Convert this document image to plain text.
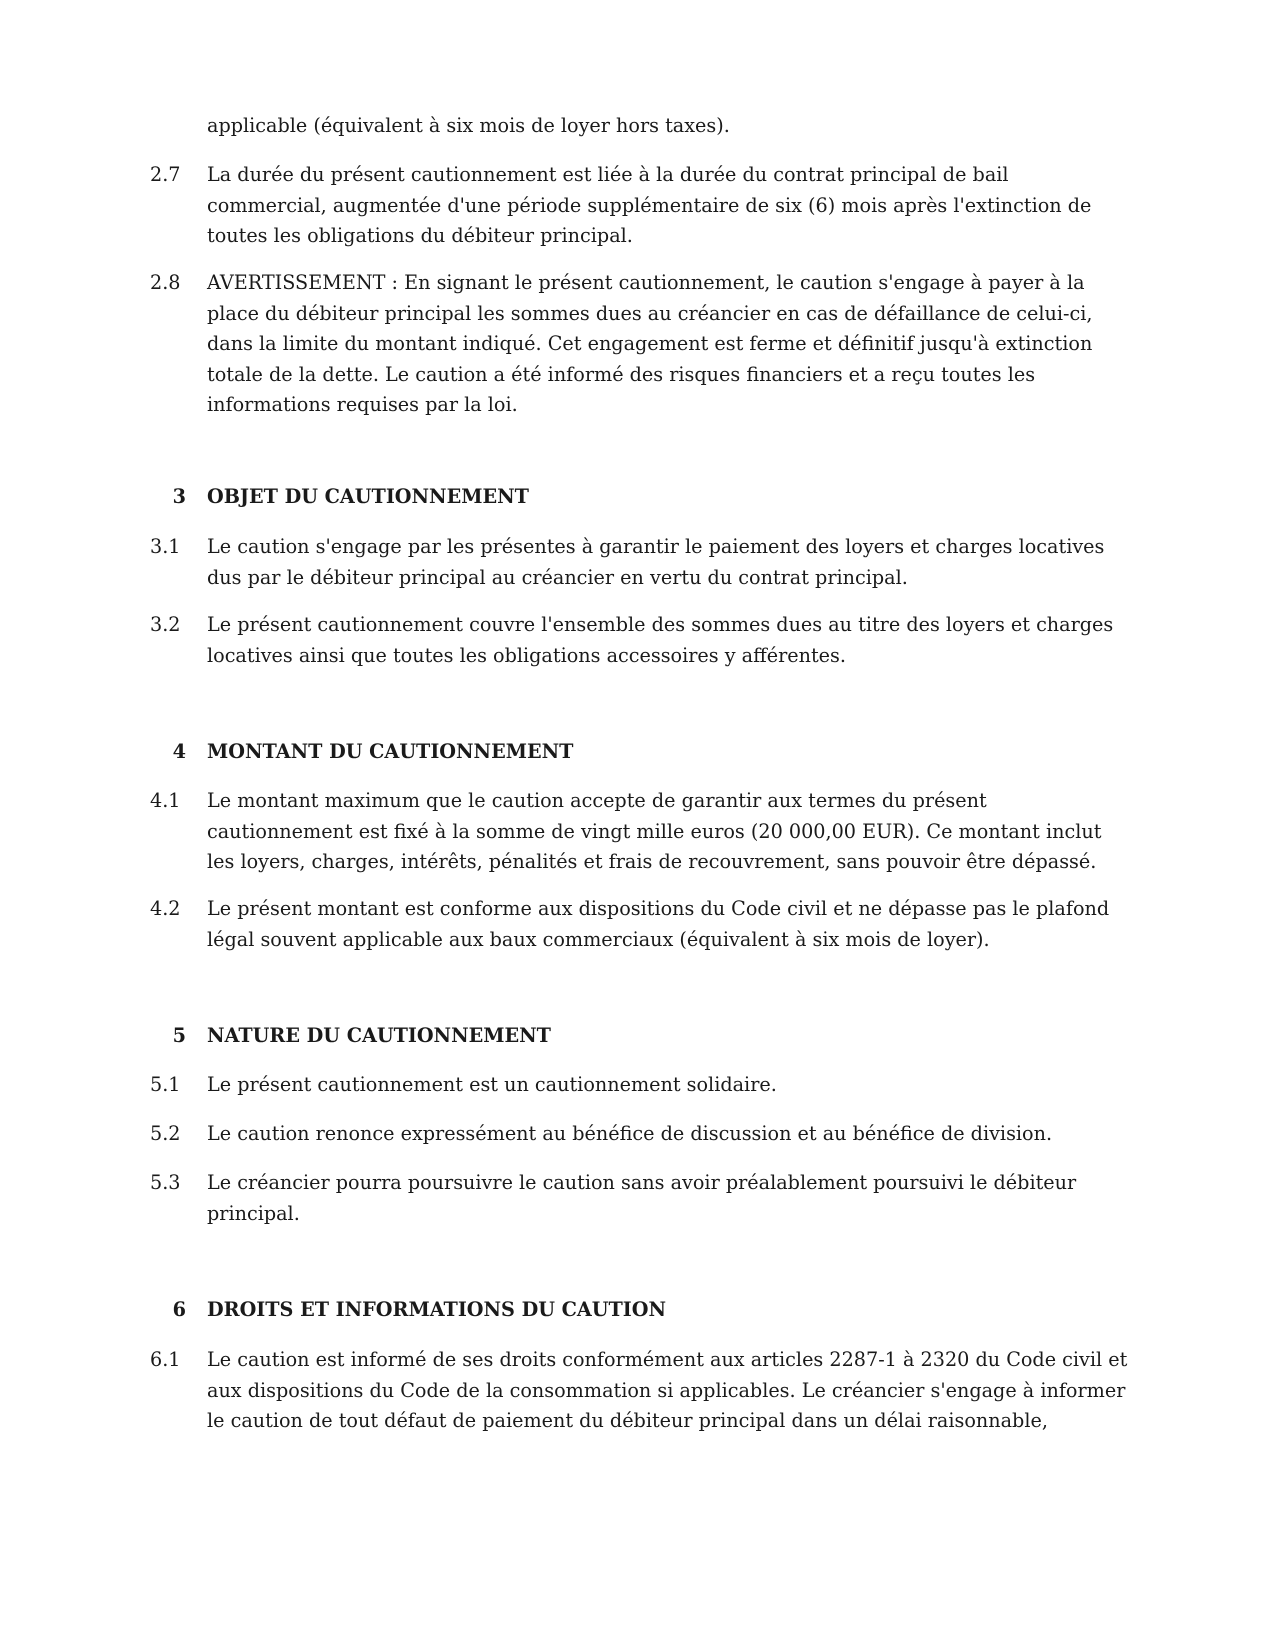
applicable (équivalent à six mois de loyer hors taxes).
2.7 La durée du présent cautionnement est liée à la durée du contrat principal de bail commercial, augmentée d'une période supplémentaire de six (6) mois après l'extinction de toutes les obligations du débiteur principal.
2.8 AVERTISSEMENT : En signant le présent cautionnement, le caution s'engage à payer à la place du débiteur principal les sommes dues au créancier en cas de défaillance de celui-ci, dans la limite du montant indiqué. Cet engagement est ferme et définitif jusqu'à extinction totale de la dette. Le caution a été informé des risques financiers et a reçu toutes les informations requises par la loi.
3 OBJET DU CAUTIONNEMENT
3.1 Le caution s'engage par les présentes à garantir le paiement des loyers et charges locatives dus par le débiteur principal au créancier en vertu du contrat principal.
3.2 Le présent cautionnement couvre l'ensemble des sommes dues au titre des loyers et charges locatives ainsi que toutes les obligations accessoires y afférentes.
4 MONTANT DU CAUTIONNEMENT
4.1 Le montant maximum que le caution accepte de garantir aux termes du présent cautionnement est fixé à la somme de vingt mille euros (20 000,00 EUR). Ce montant inclut les loyers, charges, intérêts, pénalités et frais de recouvrement, sans pouvoir être dépassé.
4.2 Le présent montant est conforme aux dispositions du Code civil et ne dépasse pas le plafond légal souvent applicable aux baux commerciaux (équivalent à six mois de loyer).
5 NATURE DU CAUTIONNEMENT
5.1 Le présent cautionnement est un cautionnement solidaire.
5.2 Le caution renonce expressément au bénéfice de discussion et au bénéfice de division.
5.3 Le créancier pourra poursuivre le caution sans avoir préalablement poursuivi le débiteur principal.
6 DROITS ET INFORMATIONS DU CAUTION
6.1 Le caution est informé de ses droits conformément aux articles 2287-1 à 2320 du Code civil et aux dispositions du Code de la consommation si applicables. Le créancier s'engage à informer le caution de tout défaut de paiement du débiteur principal dans un délai raisonnable,
